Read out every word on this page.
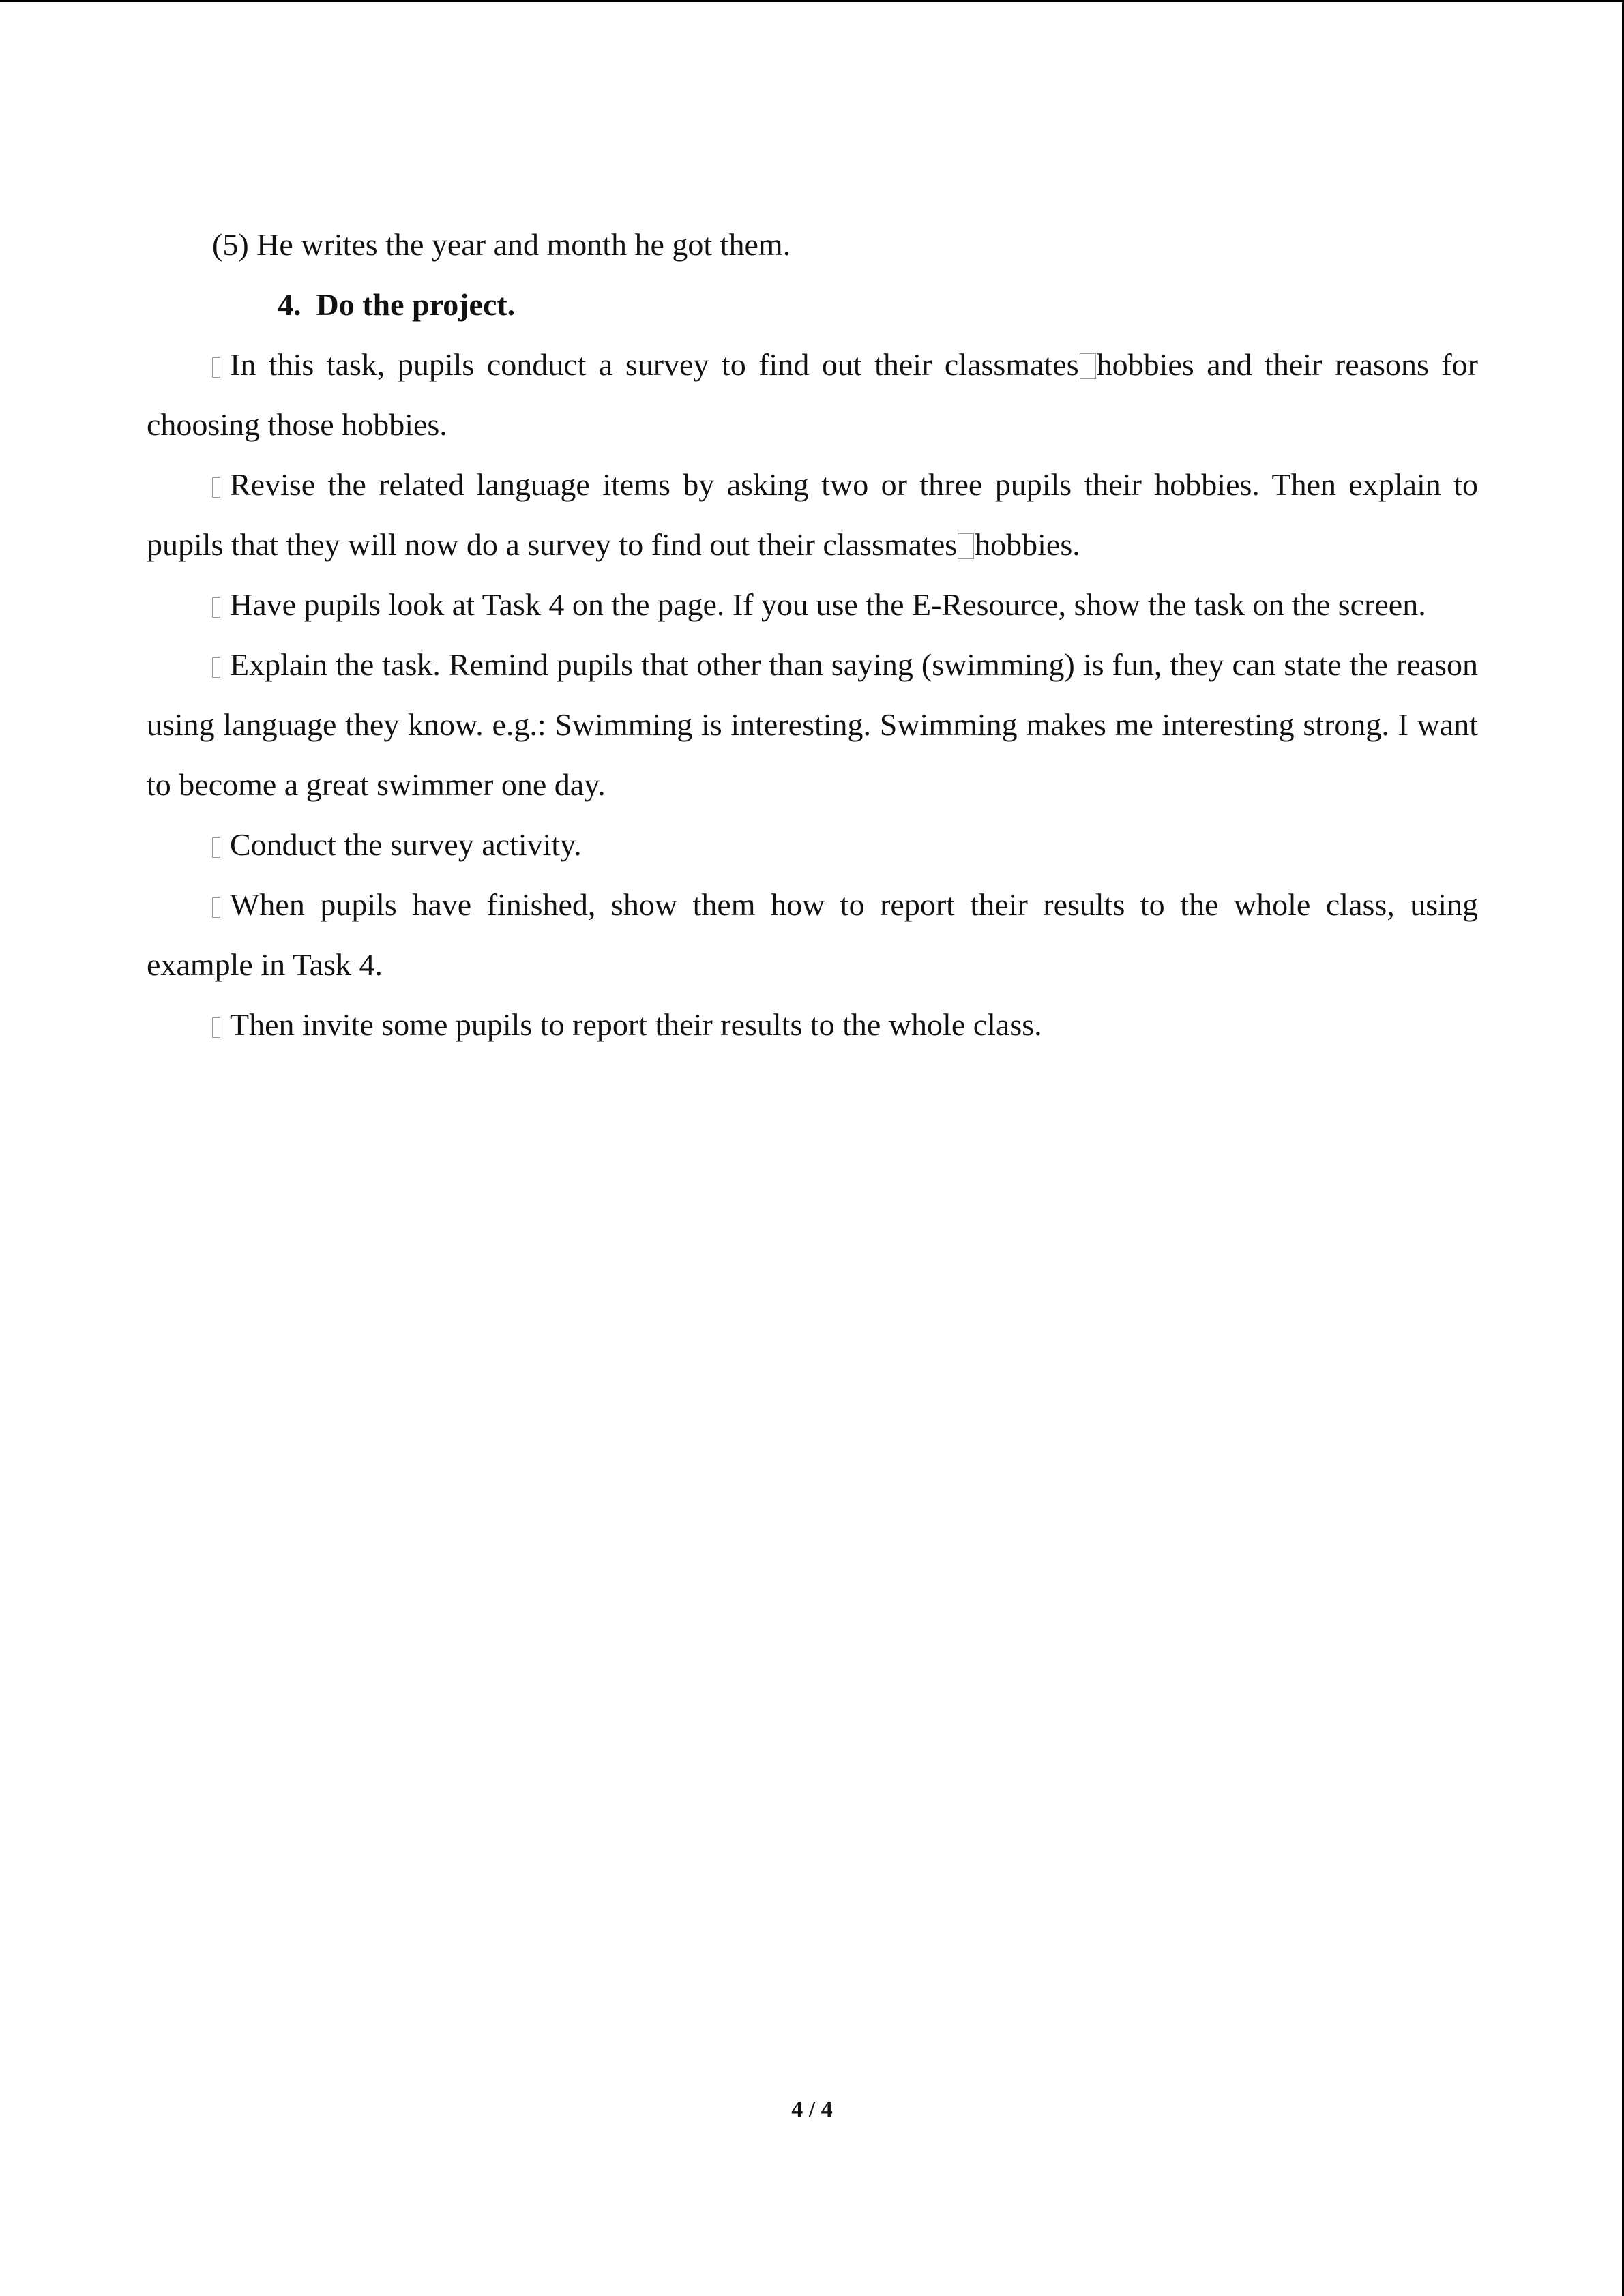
(5) He writes the year and month he got them.

4. Do the project.

In this task, pupils conduct a survey to find out their classmates hobbies and their reasons for choosing those hobbies.

Revise the related language items by asking two or three pupils their hobbies. Then explain to pupils that they will now do a survey to find out their classmates hobbies.

Have pupils look at Task 4 on the page. If you use the E-Resource, show the task on the screen.

Explain the task. Remind pupils that other than saying (swimming) is fun, they can state the reason using language they know. e.g.: Swimming is interesting. Swimming makes me interesting strong. I want to become a great swimmer one day.

Conduct the survey activity.

When pupils have finished, show them how to report their results to the whole class, using example in Task 4.

Then invite some pupils to report their results to the whole class.

4 / 4
